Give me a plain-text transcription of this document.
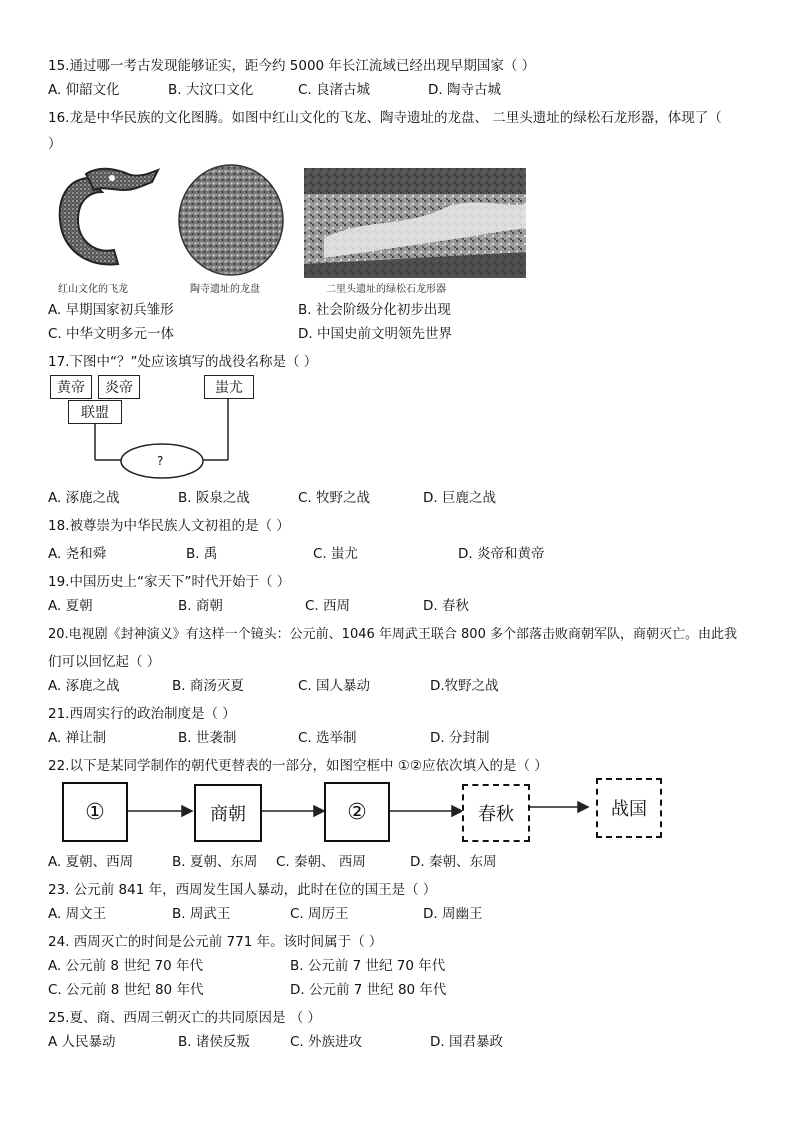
15.通过哪一考古发现能够证实，距今约 5000 年长江流域已经出现早期国家（ ）
A. 仰韶文化	B. 大汶口文化	C. 良渚古城	D. 陶寺古城
16.龙是中华民族的文化图腾。如图中红山文化的飞龙、陶寺遗址的龙盘、 二里头遗址的绿松石龙形器，体现了（
）
红山文化的飞龙	陶寺遗址的龙盘	二里头遗址的绿松石龙形器
A. 早期国家初兵雏形	B. 社会阶级分化初步出现
C. 中华文明多元一体	D. 中国史前文明领先世界
17.下图中“？”处应该填写的战役名称是（ ）
黄帝	炎帝
联盟
蚩尤
?
A. 涿鹿之战	B. 阪泉之战	C. 牧野之战	D. 巨鹿之战
18.被尊崇为中华民族人文初祖的是（ ）
A. 尧和舜	B. 禹	C. 蚩尤	D. 炎帝和黄帝
19.中国历史上“家天下”时代开始于（ ）
A. 夏朝	B. 商朝	C. 西周	D. 春秋
20.电视剧《封神演义》有这样一个镜头：公元前、1046 年周武王联合 800 多个部落击败商朝军队，商朝灭亡。由此我
们可以回忆起（ ）
A. 涿鹿之战	B. 商汤灭夏	C. 国人暴动	D.牧野之战
21.西周实行的政治制度是（ ）
A. 禅让制	B. 世袭制	C. 选举制	D. 分封制
22.以下是某同学制作的朝代更替表的一部分，如图空框中 ①②应依次填入的是（ ）
①	商朝	②	春秋	战国
A. 夏朝、西周	B. 夏朝、东周 C. 秦朝、 西周	D. 秦朝、东周
23. 公元前 841 年，西周发生国人暴动，此时在位的国王是（ ）
A. 周文王	B. 周武王	C. 周厉王	D. 周幽王
24. 西周灭亡的时间是公元前 771 年。该时间属于（ ）
A. 公元前 8 世纪 70 年代	B. 公元前 7 世纪 70 年代
C. 公元前 8 世纪 80 年代	D. 公元前 7 世纪 80 年代
25.夏、商、西周三朝灭亡的共同原因是 （ ）
A 人民暴动	B. 诸侯反叛	C. 外族进攻	D. 国君暴政
